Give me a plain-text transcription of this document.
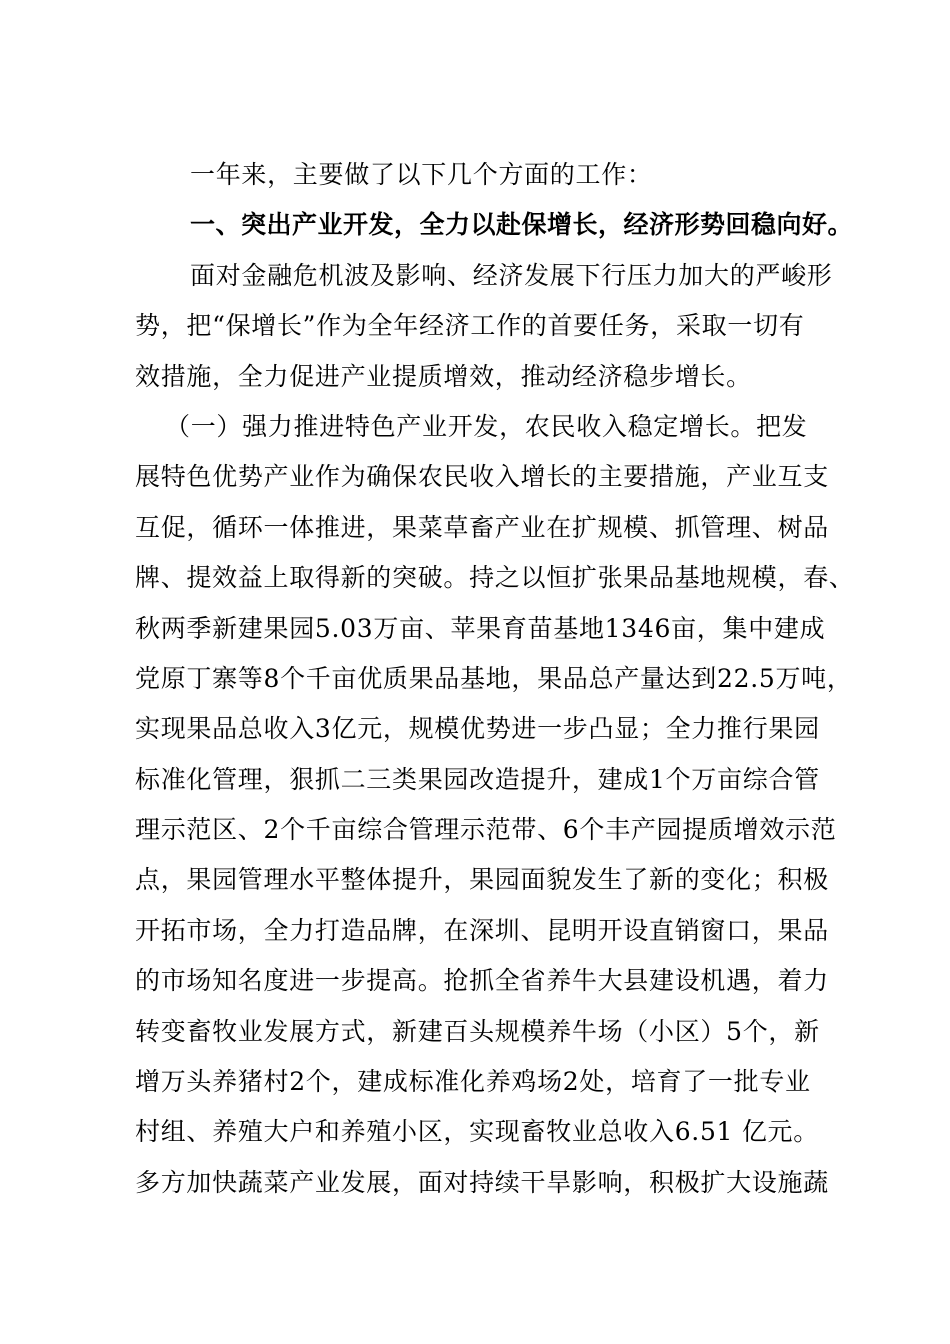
一年来，主要做了以下几个方面的工作：
一、突出产业开发，全力以赴保增长，经济形势回稳向好。
面对金融危机波及影响、经济发展下行压力加大的严峻形
势，把“保增长”作为全年经济工作的首要任务，采取一切有
效措施，全力促进产业提质增效，推动经济稳步增长。
（一）强力推进特色产业开发，农民收入稳定增长。把发
展特色优势产业作为确保农民收入增长的主要措施，产业互支
互促，循环一体推进，果菜草畜产业在扩规模、抓管理、树品
牌、提效益上取得新的突破。持之以恒扩张果品基地规模，春、
秋两季新建果园5.03万亩、苹果育苗基地1346亩，集中建成
党原丁寨等8个千亩优质果品基地，果品总产量达到22.5万吨，
实现果品总收入3亿元，规模优势进一步凸显；全力推行果园
标准化管理，狠抓二三类果园改造提升，建成1个万亩综合管
理示范区、2个千亩综合管理示范带、6个丰产园提质增效示范
点，果园管理水平整体提升，果园面貌发生了新的变化；积极
开拓市场，全力打造品牌，在深圳、昆明开设直销窗口，果品
的市场知名度进一步提高。抢抓全省养牛大县建设机遇，着力
转变畜牧业发展方式，新建百头规模养牛场（小区）5个，新
增万头养猪村2个，建成标准化养鸡场2处，培育了一批专业
村组、养殖大户和养殖小区，实现畜牧业总收入6.51 亿元。
多方加快蔬菜产业发展，面对持续干旱影响，积极扩大设施蔬
